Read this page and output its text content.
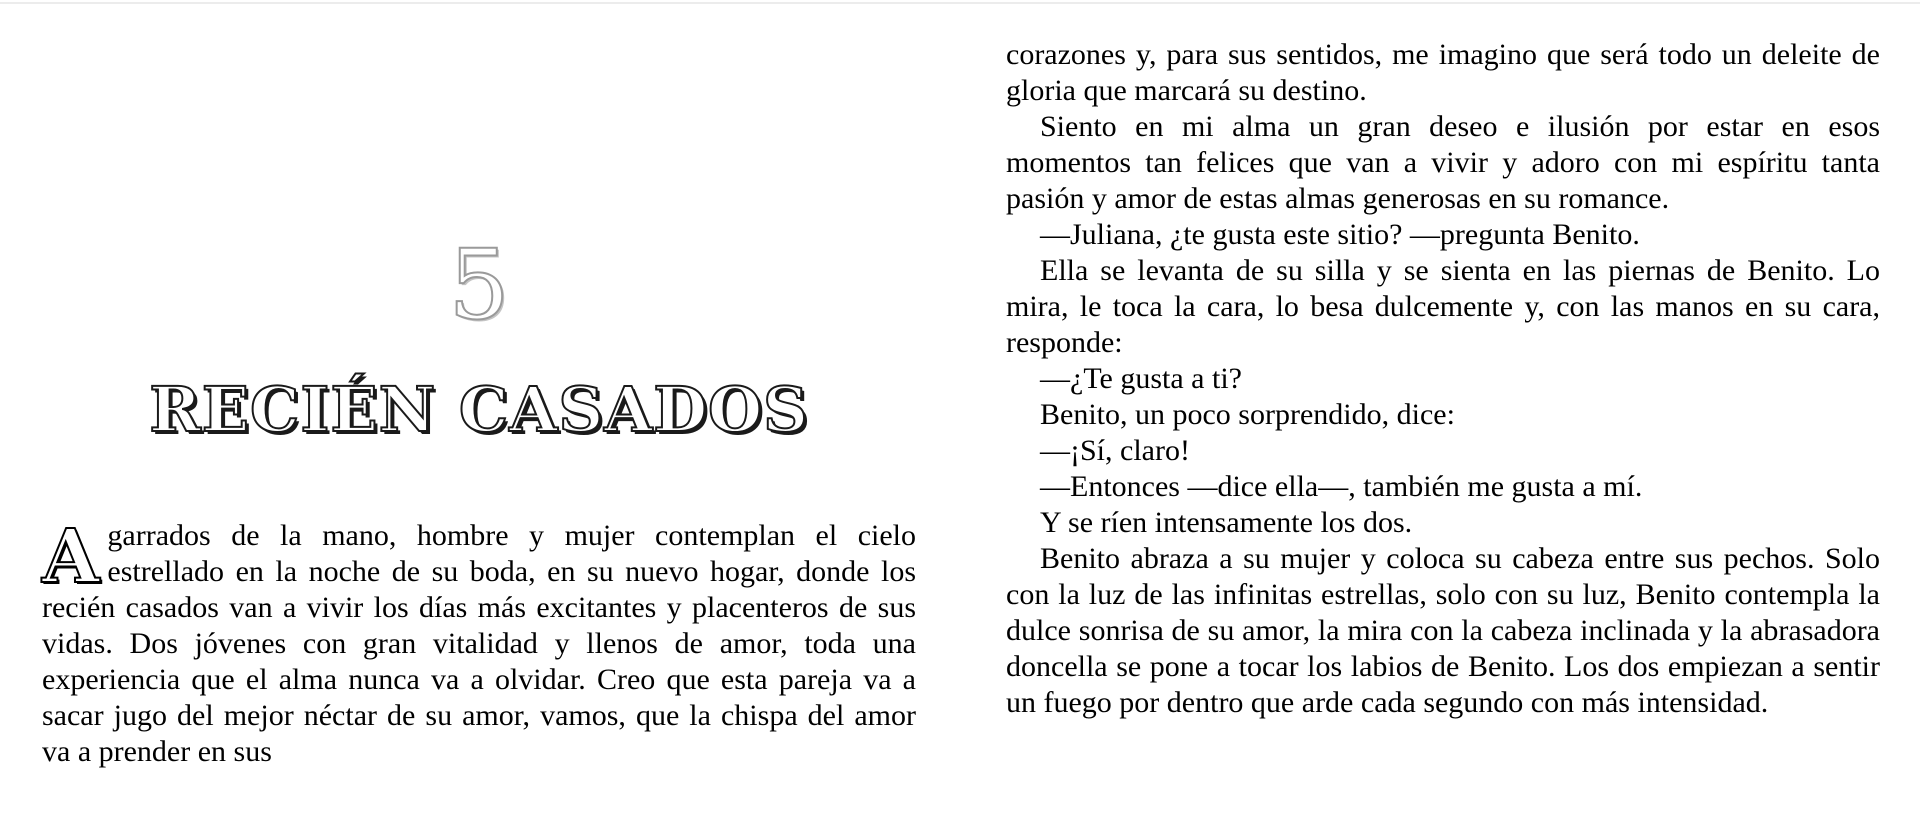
5
RECIÉN CASADOS

Agarrados de la mano, hombre y mujer contemplan el cielo estrellado en la noche de su boda, en su nuevo hogar, donde los recién casados van a vivir los días más excitantes y placenteros de sus vidas. Dos jóvenes con gran vitalidad y llenos de amor, toda una experiencia que el alma nunca va a olvidar. Creo que esta pareja va a sacar jugo del mejor néctar de su amor, vamos, que la chispa del amor va a prender en sus

corazones y, para sus sentidos, me imagino que será todo un deleite de gloria que marcará su destino.

Siento en mi alma un gran deseo e ilusión por estar en esos momentos tan felices que van a vivir y adoro con mi espíritu tanta pasión y amor de estas almas generosas en su romance.

—Juliana, ¿te gusta este sitio? —pregunta Benito.

Ella se levanta de su silla y se sienta en las piernas de Benito. Lo mira, le toca la cara, lo besa dulcemente y, con las manos en su cara, responde:

—¿Te gusta a ti?

Benito, un poco sorprendido, dice:

—¡Sí, claro!

—Entonces —dice ella—, también me gusta a mí.

Y se ríen intensamente los dos.

Benito abraza a su mujer y coloca su cabeza entre sus pechos. Solo con la luz de las infinitas estrellas, solo con su luz, Benito contempla la dulce sonrisa de su amor, la mira con la cabeza inclinada y la abrasadora doncella se pone a tocar los labios de Benito. Los dos empiezan a sentir un fuego por dentro que arde cada segundo con más intensidad.
